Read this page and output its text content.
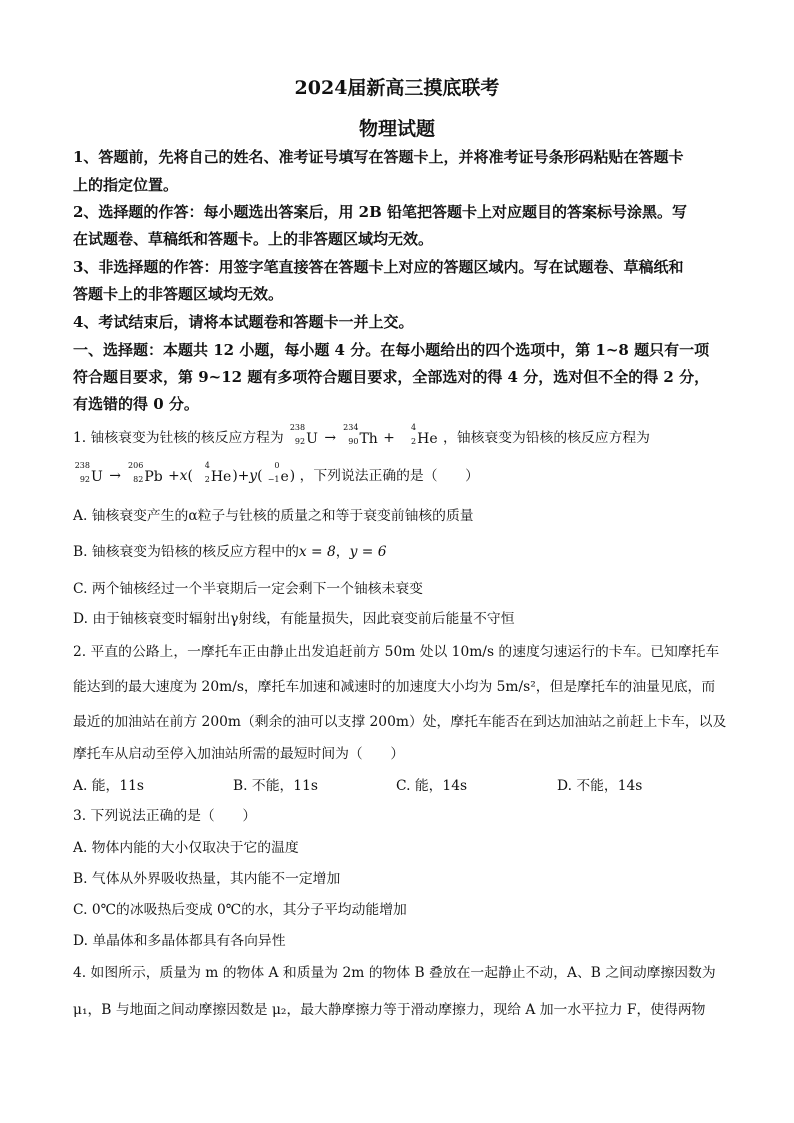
2024届新高三摸底联考
物理试题
1、答题前，先将自己的姓名、准考证号填写在答题卡上，并将准考证号条形码粘贴在答题卡
上的指定位置。
2、选择题的作答：每小题选出答案后，用 2B 铅笔把答题卡上对应题目的答案标号涂黑。写
在试题卷、草稿纸和答题卡。上的非答题区域均无效。
3、非选择题的作答：用签字笔直接答在答题卡上对应的答题区域内。写在试题卷、草稿纸和
答题卡上的非答题区域均无效。
4、考试结束后，请将本试题卷和答题卡一并上交。
一、选择题：本题共 12 小题，每小题 4 分。在每小题给出的四个选项中，第 1~8 题只有一项
符合题目要求，第 9~12 题有多项符合题目要求，全部选对的得 4 分，选对但不全的得 2 分，
有选错的得 0 分。
1. 铀核衰变为钍核的核反应方程为
238
92 U →
234
90 Th +
4
2 He ，铀核衰变为铅核的核反应方程为
238
92 U →
206
82 Pb +x(
4
2 He)+y(
0
−1 e) ，下列说法正确的是（　　）
A. 铀核衰变产生的α粒子与钍核的质量之和等于衰变前铀核的质量
B. 铀核衰变为铅核的核反应方程中的x = 8，y = 6
C. 两个铀核经过一个半衰期后一定会剩下一个铀核未衰变
D. 由于铀核衰变时辐射出γ射线，有能量损失，因此衰变前后能量不守恒
2. 平直的公路上，一摩托车正由静止出发追赶前方 50m 处以 10m/s 的速度匀速运行的卡车。已知摩托车
能达到的最大速度为 20m/s，摩托车加速和减速时的加速度大小均为 5m/s²，但是摩托车的油量见底，而
最近的加油站在前方 200m（剩余的油可以支撑 200m）处，摩托车能否在到达加油站之前赶上卡车，以及
摩托车从启动至停入加油站所需的最短时间为（　　）
A. 能，11s	B. 不能，11s	C. 能，14s	D. 不能，14s
3. 下列说法正确的是（　　）
A. 物体内能的大小仅取决于它的温度
B. 气体从外界吸收热量，其内能不一定增加
C. 0℃的冰吸热后变成 0℃的水，其分子平均动能增加
D. 单晶体和多晶体都具有各向异性
4. 如图所示，质量为 m 的物体 A 和质量为 2m 的物体 B 叠放在一起静止不动，A、B 之间动摩擦因数为
μ₁，B 与地面之间动摩擦因数是 μ₂，最大静摩擦力等于滑动摩擦力，现给 A 加一水平拉力 F，使得两物
